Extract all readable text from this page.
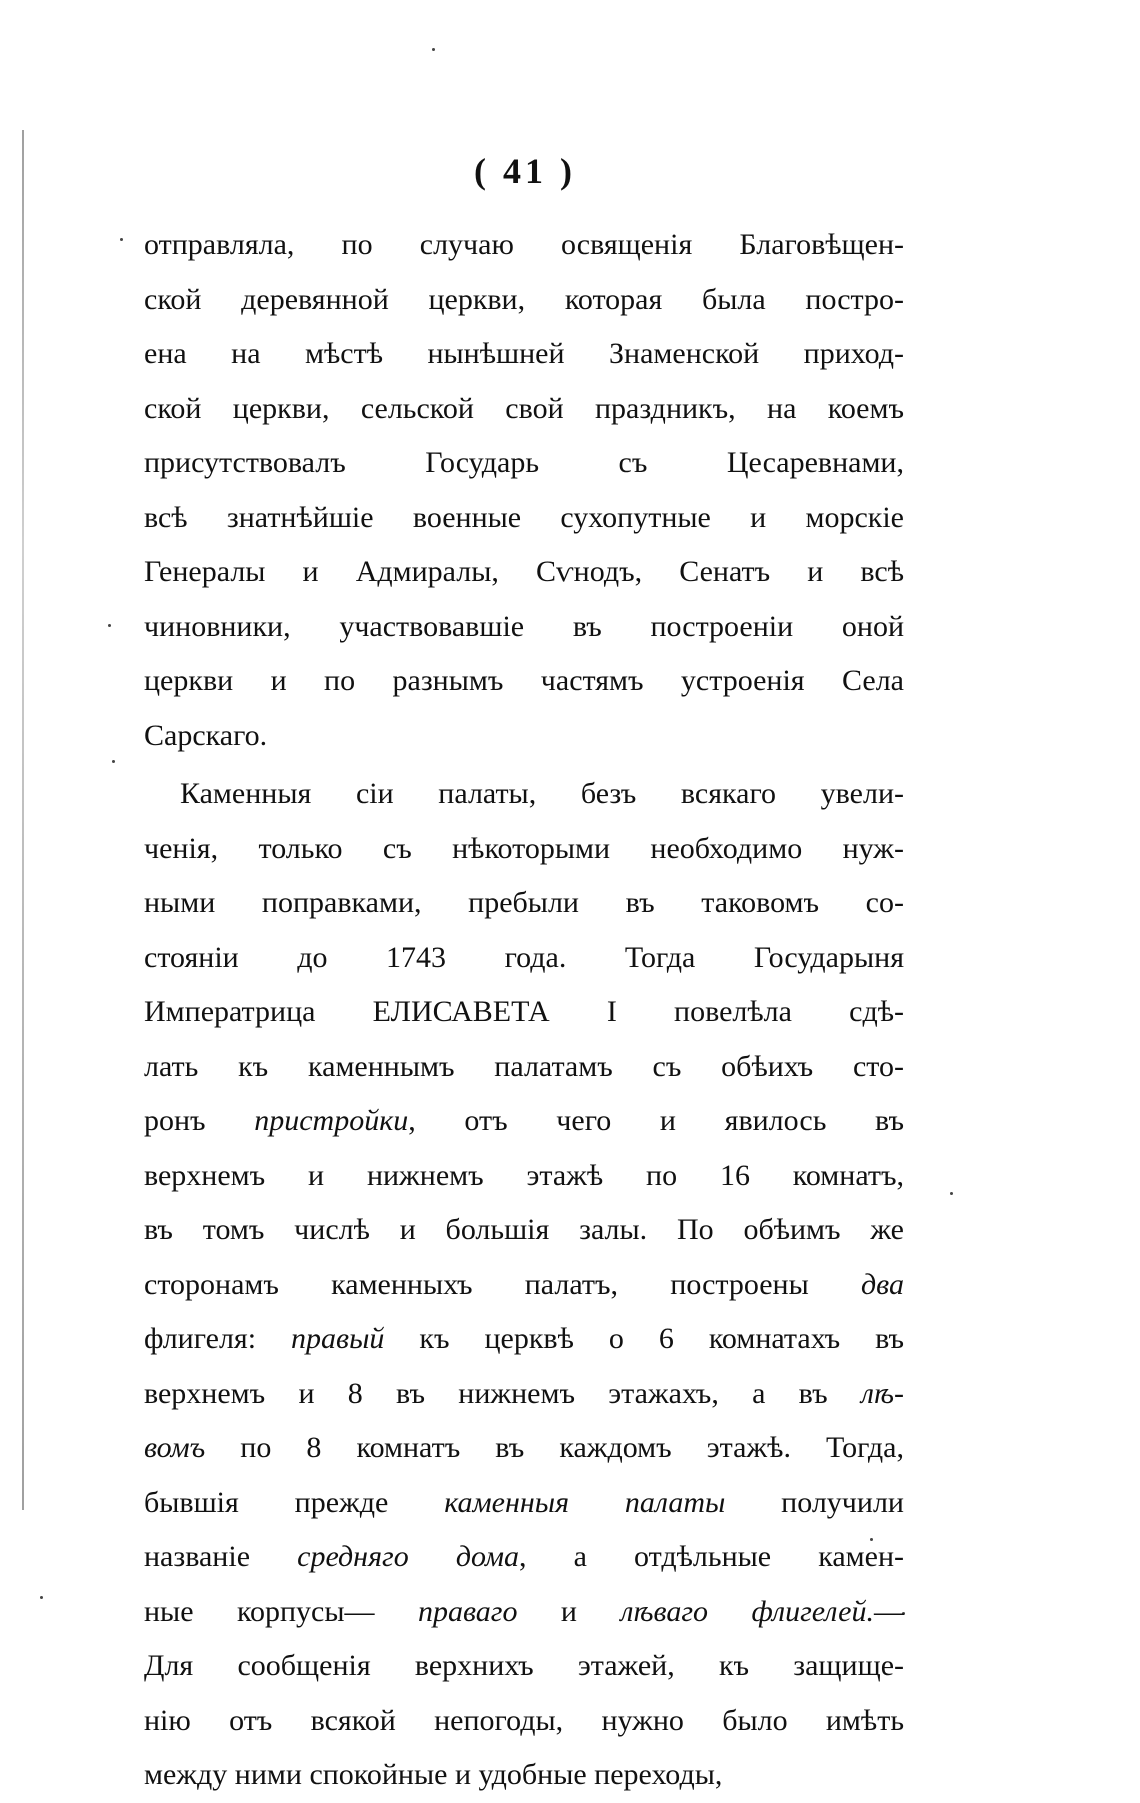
( 41 )
отправляла, по случаю освященія Благовѣщен-
ской деревянной церкви, которая была постро-
ена на мѣстѣ нынѣшней Знаменской приход-
ской церкви, сельской свой праздникъ, на коемъ
присутствовалъ Государь съ Цесаревнами,
всѣ знатнѣйшіе военные сухопутные и морскіе
Генералы и Адмиралы, Сѵнодъ, Сенатъ и всѣ
чиновники, участвовавшіе въ построеніи оной
церкви и по разнымъ частямъ устроенія Села
Сарскаго.
Каменныя сіи палаты, безъ всякаго увели-
ченія, только съ нѣкоторыми необходимо нуж-
ными поправками, пребыли въ таковомъ со-
стояніи до 1743 года. Тогда Государыня
Императрица ЕЛИСАВЕТА I повелѣла сдѣ-
лать къ каменнымъ палатамъ съ обѣихъ сто-
ронъ пристройки, отъ чего и явилось въ
верхнемъ и нижнемъ этажѣ по 16 комнатъ,
въ томъ числѣ и большія залы. По обѣимъ же
сторонамъ каменныхъ палатъ, построены два
флигеля: правый къ церквѣ о 6 комнатахъ въ
верхнемъ и 8 въ нижнемъ этажахъ, а въ лѣ-
вомъ по 8 комнатъ въ каждомъ этажѣ. Тогда,
бывшія прежде каменныя палаты получили
названіе средняго дома, а отдѣльные камен-
ные корпусы— праваго и лѣваго флигелей.—
Для сообщенія верхнихъ этажей, къ защище-
нію отъ всякой непогоды, нужно было имѣть
между ними спокойные и удобные переходы,
